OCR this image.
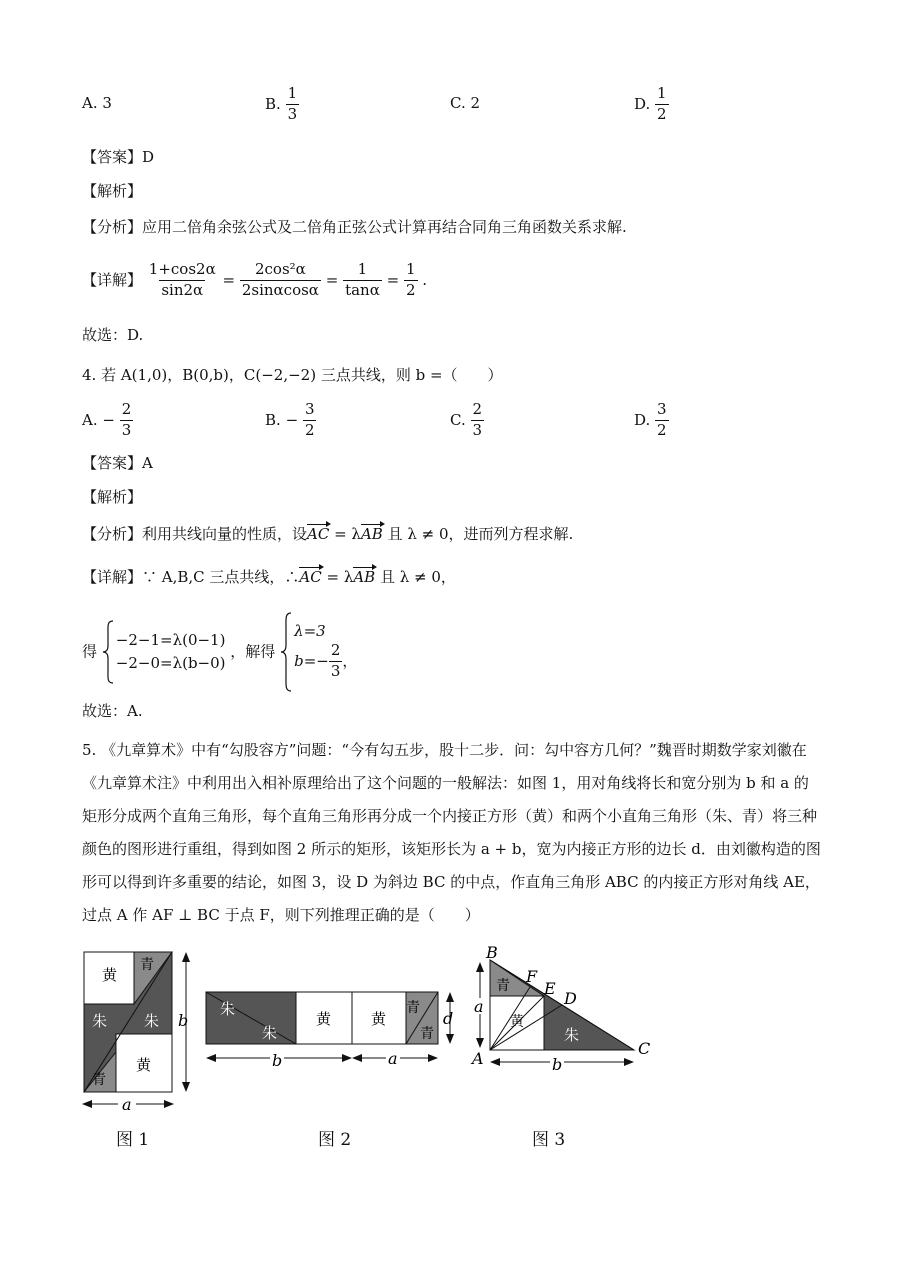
A. 3	B. $\frac{1}{3}$	C. 2	D. $\frac{1}{2}$
【答案】D
【解析】
【分析】应用二倍角余弦公式及二倍角正弦公式计算再结合同角三角函数关系求解.
【详解】 $\frac{1+\cos 2\alpha}{\sin 2\alpha} = \frac{\text{2cos²α}}{2\sin\alpha\cos\alpha} = \frac{1}{\tan\alpha} = \frac{1}{2}$ .
故选：D.
4. 若 A(1,0)，B(0,b)，C(−2,−2) 三点共线，则 b =（　　）
A. − $\frac{2}{3}$	B. − $\frac{3}{2}$	C. $\frac{2}{3}$	D. $\frac{3}{2}$
【答案】A
【解析】
【分析】利用共线向量的性质，设AC = λAB 且 λ ≠ 0，进而列方程求解.
【详解】∵ A,B,C 三点共线，∴AC = λAB 且 λ ≠ 0，
得
−2−1=λ(0−1)
−2−0=λ(b−0)
，解得
λ=3
$b=- \frac{2}{3}$ ，
故选：A.
5. 《九章算术》中有“勾股容方”问题：“今有勾五步，股十二步．问：勾中容方几何？”魏晋时期数学家刘徽在《九章算术注》中利用出入相补原理给出了这个问题的一般解法：如图 1，用对角线将长和宽分别为 b 和 a 的矩形分成两个直角三角形，每个直角三角形再分成一个内接正方形（黄）和两个小直角三角形（朱、青）将三种颜色的图形进行重组，得到如图 2 所示的矩形，该矩形长为 a + b，宽为内接正方形的边长 d．由刘徽构造的图形可以得到许多重要的结论，如图 3，设 D 为斜边 BC 的中点，作直角三角形 ABC 的内接正方形对角线 AE，过点 A 作 AF ⊥ BC 于点 F，则下列推理正确的是（　　）
黄
青
朱 朱
黄
青
b
a
朱
朱
黄	黄
青
青
d
b	a
a
b
青
黄
朱
B
F
E
D
C
A
图 1	图 2	图 3
